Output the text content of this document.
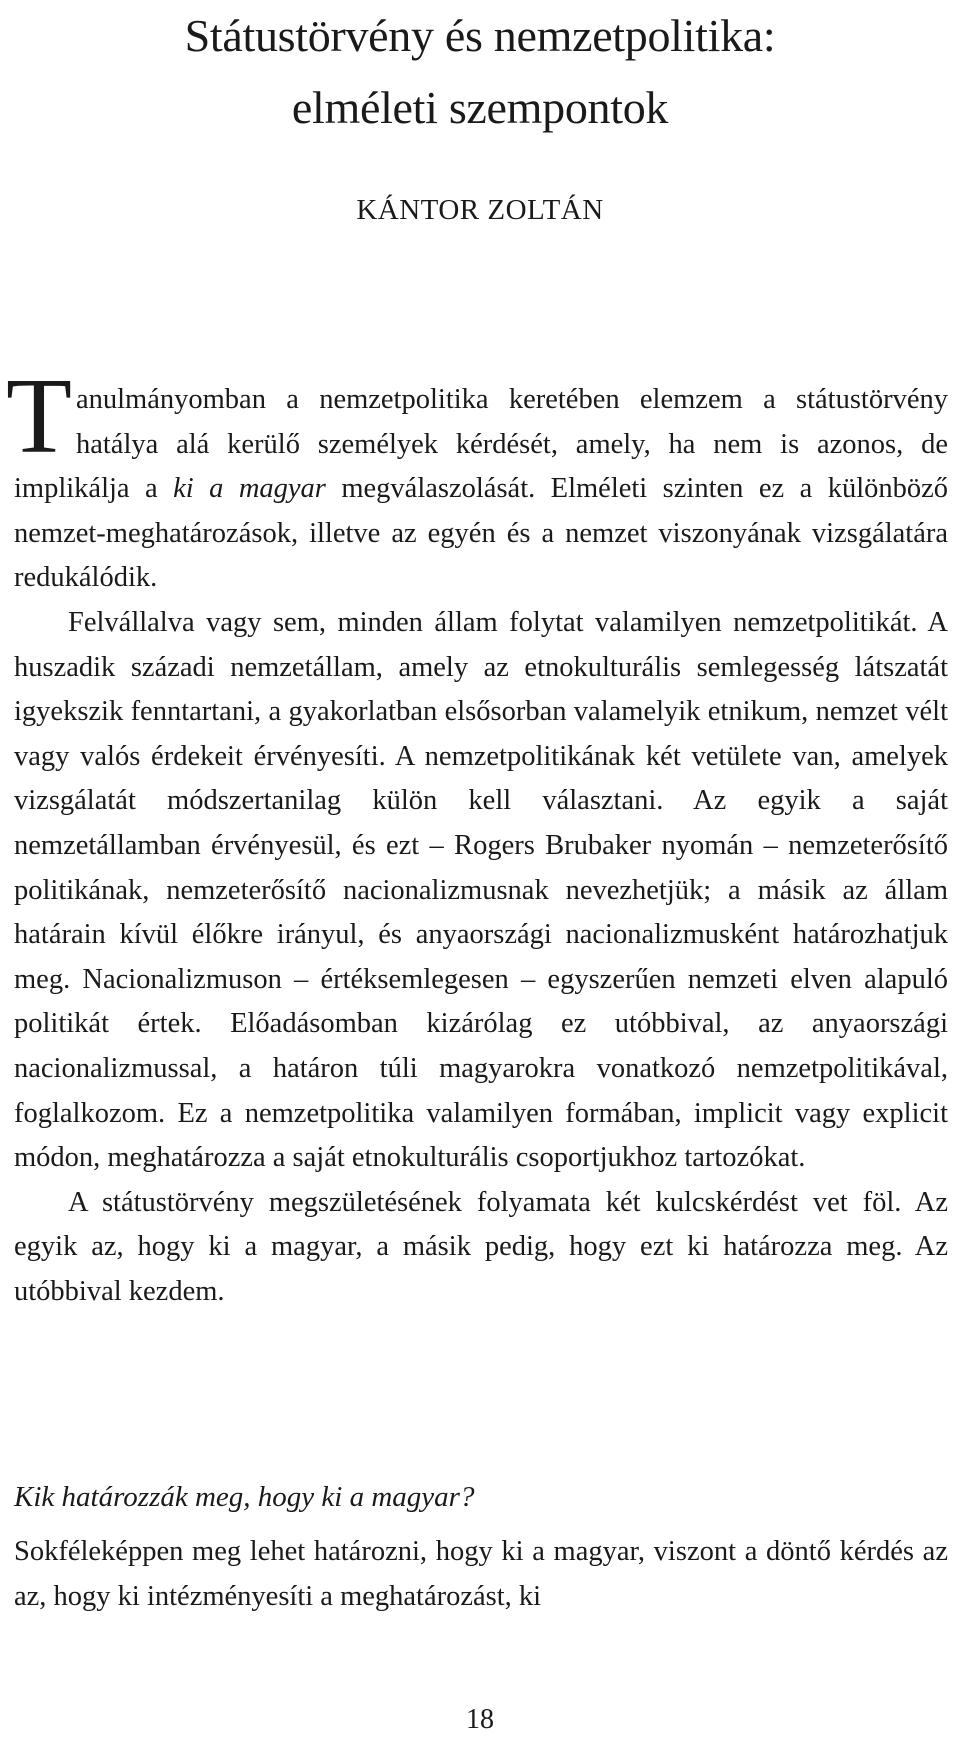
Státustörvény és nemzetpolitika:
elméleti szempontok
KÁNTOR ZOLTÁN

Tanulmányomban a nemzetpolitika keretében elemzem a státustörvény hatálya alá kerülő személyek kérdését, amely, ha nem is azonos, de implikálja a ki a magyar megválaszolását. Elméleti szinten ez a különböző nemzet-meghatározások, illetve az egyén és a nemzet viszonyának vizsgálatára redukálódik.

Felvállalva vagy sem, minden állam folytat valamilyen nemzetpolitikát. A huszadik századi nemzetállam, amely az etnokulturális semlegesség látszatát igyekszik fenntartani, a gyakorlatban elsősorban valamelyik etnikum, nemzet vélt vagy valós érdekeit érvényesíti. A nemzetpolitikának két vetülete van, amelyek vizsgálatát módszertanilag külön kell választani. Az egyik a saját nemzetállamban érvényesül, és ezt – Rogers Brubaker nyomán – nemzeterősítő politikának, nemzeterősítő nacionalizmusnak nevezhetjük; a másik az állam határain kívül élőkre irányul, és anyaországi nacionalizmusként határozhatjuk meg. Nacionalizmuson – értéksemlegesen – egyszerűen nemzeti elven alapuló politikát értek. Előadásomban kizárólag ez utóbbival, az anyaországi nacionalizmussal, a határon túli magyarokra vonatkozó nemzetpolitikával, foglalkozom. Ez a nemzetpolitika valamilyen formában, implicit vagy explicit módon, meghatározza a saját etnokulturális csoportjukhoz tartozókat.

A státustörvény megszületésének folyamata két kulcskérdést vet föl. Az egyik az, hogy ki a magyar, a másik pedig, hogy ezt ki határozza meg. Az utóbbival kezdem.

Kik határozzák meg, hogy ki a magyar?

Sokféleképpen meg lehet határozni, hogy ki a magyar, viszont a döntő kérdés az az, hogy ki intézményesíti a meghatározást, ki

18
